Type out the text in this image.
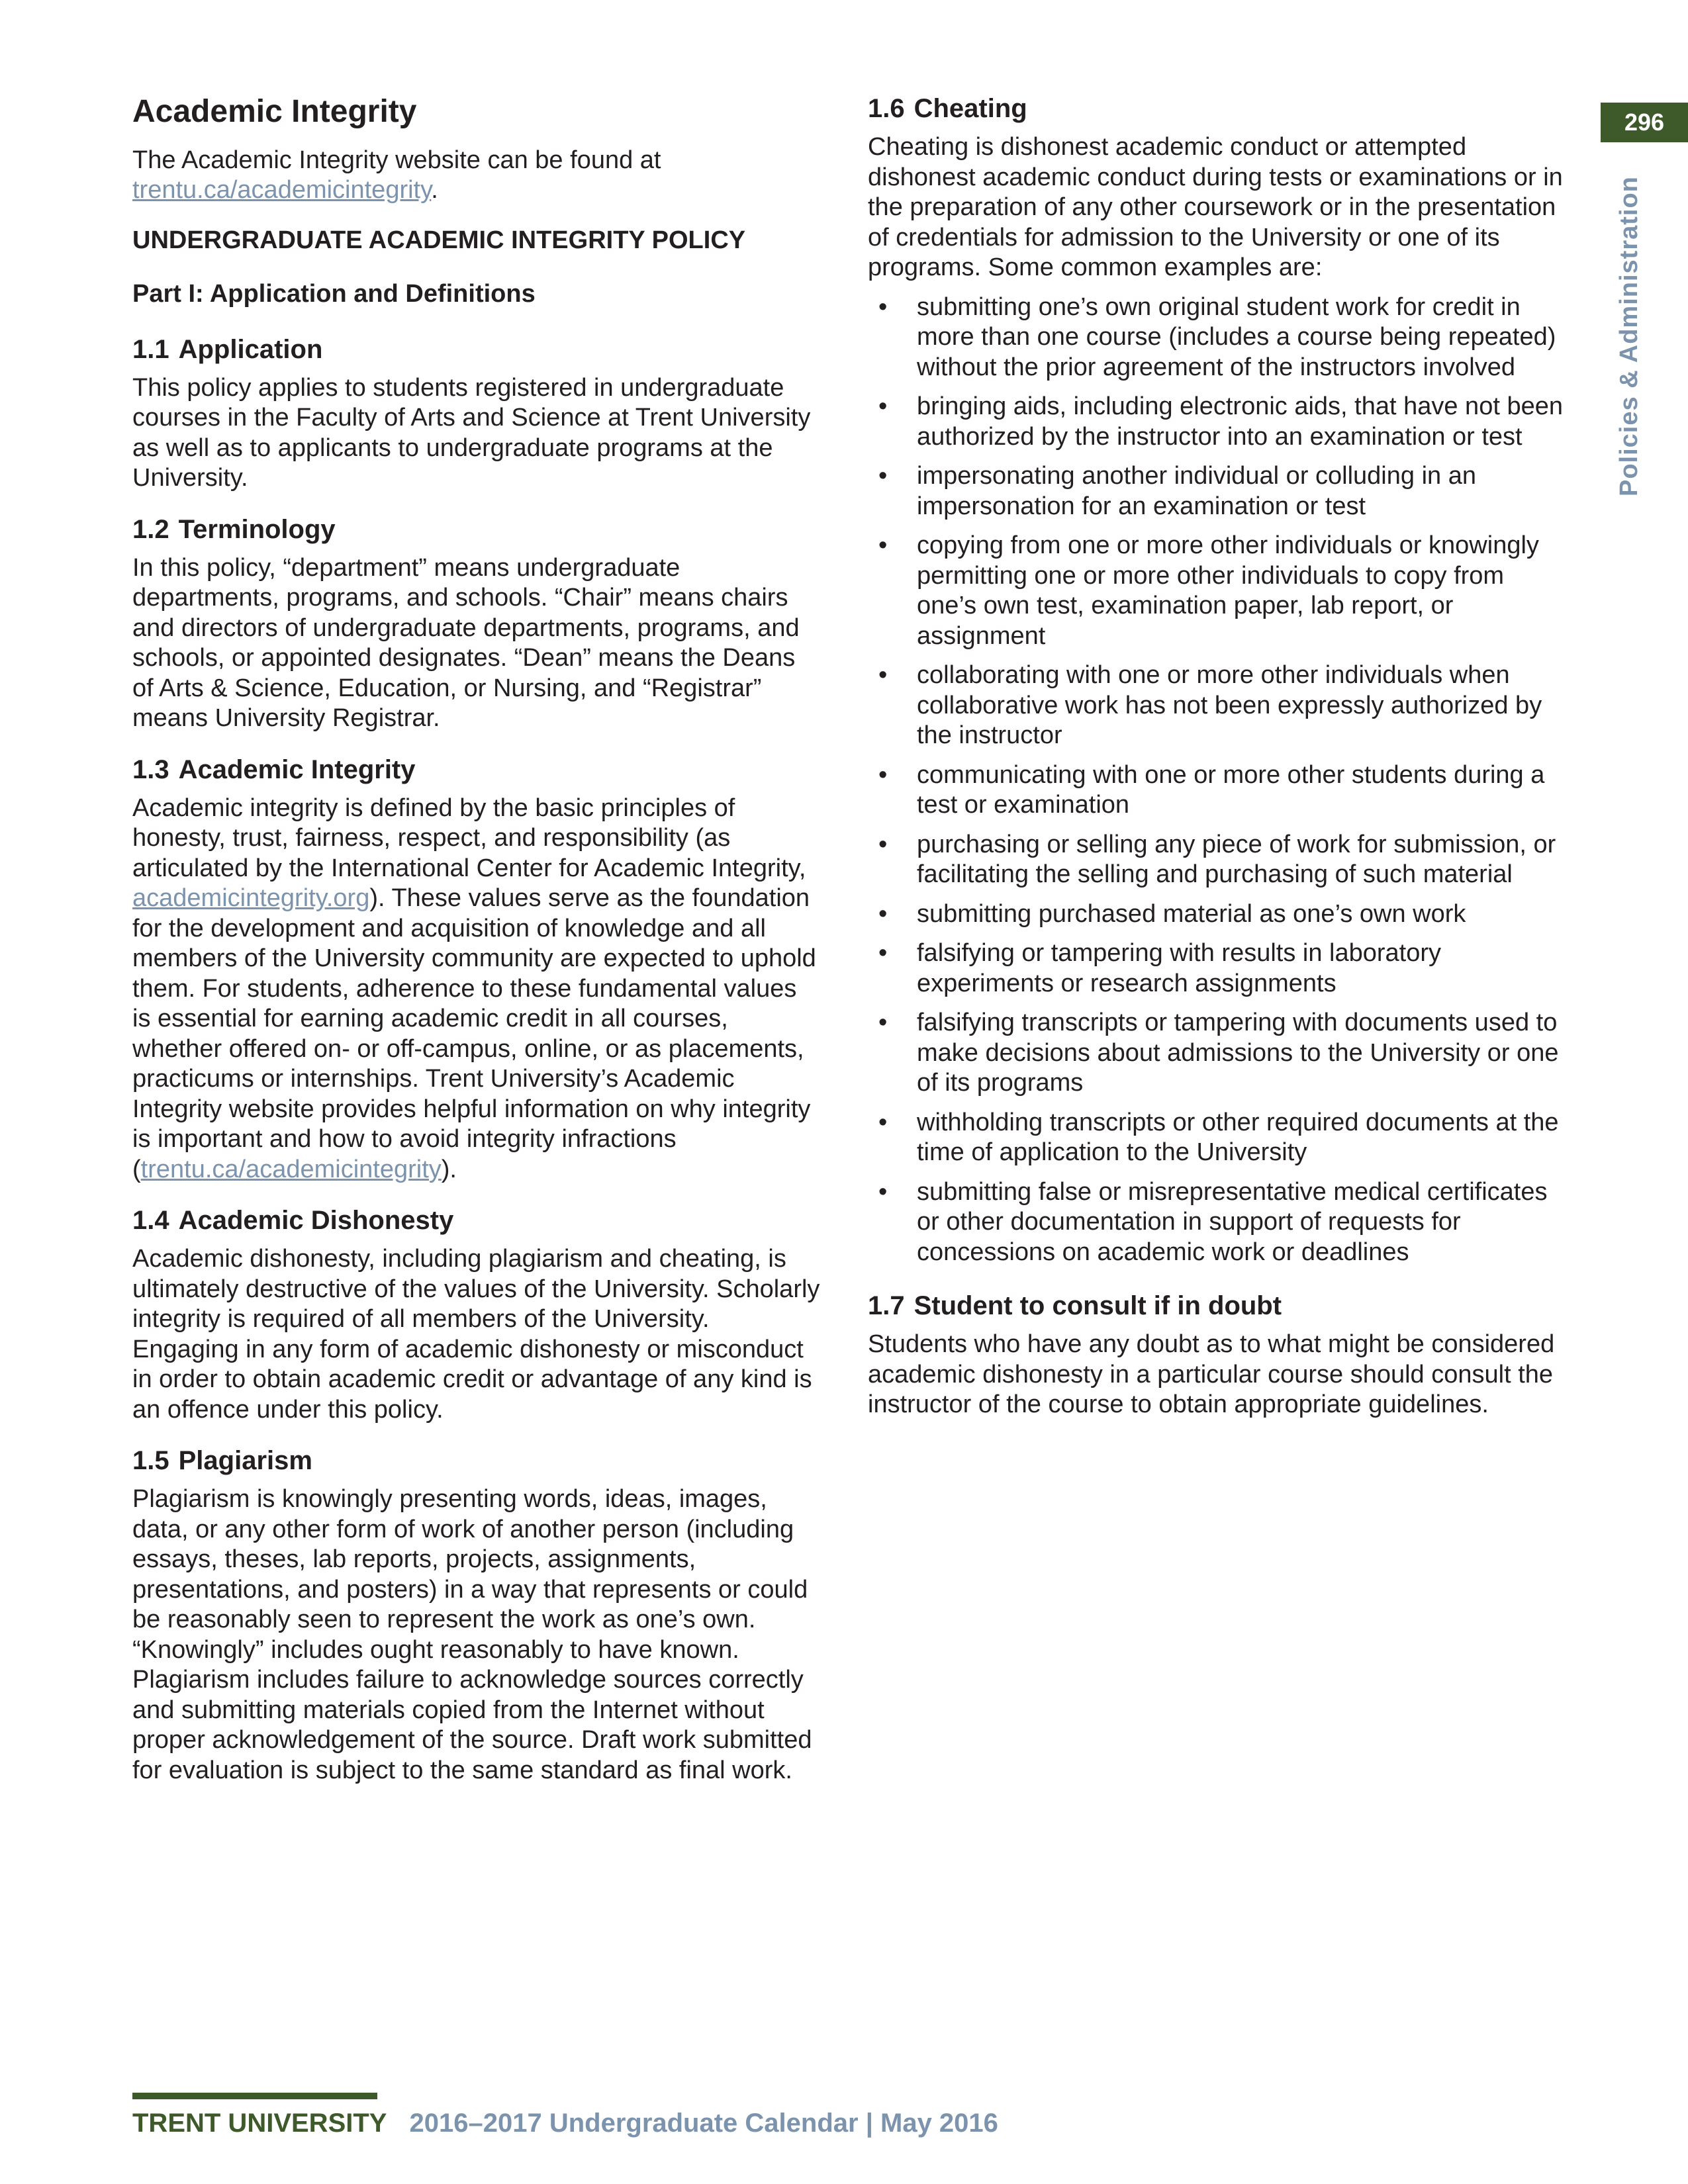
296
Policies & Administration
Academic Integrity

The Academic Integrity website can be found at
trentu.ca/academicintegrity.

UNDERGRADUATE ACADEMIC INTEGRITY POLICY
Part I: Application and Definitions
1.1 Application

This policy applies to students registered in undergraduate courses in the Faculty of Arts and Science at Trent University as well as to applicants to undergraduate programs at the University.

1.2 Terminology

In this policy, “department” means undergraduate departments, programs, and schools. “Chair” means chairs and directors of undergraduate departments, programs, and schools, or appointed designates. “Dean” means the Deans of Arts & Science, Education, or Nursing, and “Registrar” means University Registrar.

1.3 Academic Integrity

Academic integrity is defined by the basic principles of honesty, trust, fairness, respect, and responsibility (as articulated by the International Center for Academic Integrity, academicintegrity.org). These values serve as the foundation for the development and acquisition of knowledge and all members of the University community are expected to uphold them. For students, adherence to these fundamental values is essential for earning academic credit in all courses, whether offered on- or off-campus, online, or as placements, practicums or internships. Trent University’s Academic Integrity website provides helpful information on why integrity is important and how to avoid integrity infractions (trentu.ca/academicintegrity).

1.4 Academic Dishonesty

Academic dishonesty, including plagiarism and cheating, is ultimately destructive of the values of the University. Scholarly integrity is required of all members of the University. Engaging in any form of academic dishonesty or misconduct in order to obtain academic credit or advantage of any kind is an offence under this policy.

1.5 Plagiarism

Plagiarism is knowingly presenting words, ideas, images, data, or any other form of work of another person (including essays, theses, lab reports, projects, assignments, presentations, and posters) in a way that represents or could be reasonably seen to represent the work as one’s own. “Knowingly” includes ought reasonably to have known. Plagiarism includes failure to acknowledge sources correctly and submitting materials copied from the Internet without proper acknowledgement of the source. Draft work submitted for evaluation is subject to the same standard as final work.

1.6 Cheating

Cheating is dishonest academic conduct or attempted dishonest academic conduct during tests or examinations or in the preparation of any other coursework or in the presentation of credentials for admission to the University or one of its programs. Some common examples are:

• submitting one’s own original student work for credit in more than one course (includes a course being repeated) without the prior agreement of the instructors involved
• bringing aids, including electronic aids, that have not been authorized by the instructor into an examination or test
• impersonating another individual or colluding in an impersonation for an examination or test
• copying from one or more other individuals or knowingly permitting one or more other individuals to copy from one’s own test, examination paper, lab report, or assignment
• collaborating with one or more other individuals when collaborative work has not been expressly authorized by the instructor
• communicating with one or more other students during a test or examination
• purchasing or selling any piece of work for submission, or facilitating the selling and purchasing of such material
• submitting purchased material as one’s own work
• falsifying or tampering with results in laboratory experiments or research assignments
• falsifying transcripts or tampering with documents used to make decisions about admissions to the University or one of its programs
• withholding transcripts or other required documents at the time of application to the University
• submitting false or misrepresentative medical certificates or other documentation in support of requests for concessions on academic work or deadlines
1.7 Student to consult if in doubt

Students who have any doubt as to what might be considered academic dishonesty in a particular course should consult the instructor of the course to obtain appropriate guidelines.

TRENT UNIVERSITY 2016–2017 Undergraduate Calendar | May 2016
